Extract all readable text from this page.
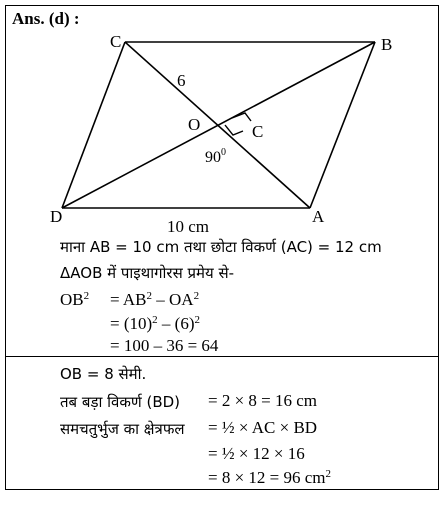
Ans. (d) :
C	B
D	A
O	C
6
$90^0$
10 cm
माना AB = 10 cm तथा छोटा विकर्ण (AC) = 12 cm
ΔAOB में पाइथागोरस प्रमेय से-
$OB^2 = AB^2 - OA^2$
= $(10)^2 - (6)^2$
= 100 – 36 = 64
OB = 8 सेमी.
तब बड़ा विकर्ण (BD) = 2 × 8 = 16 cm
समचतुर्भुज का क्षेत्रफल = ½ × AC × BD
= ½ × 12 × 16
= 8 × 12 = 96 $cm^2$
